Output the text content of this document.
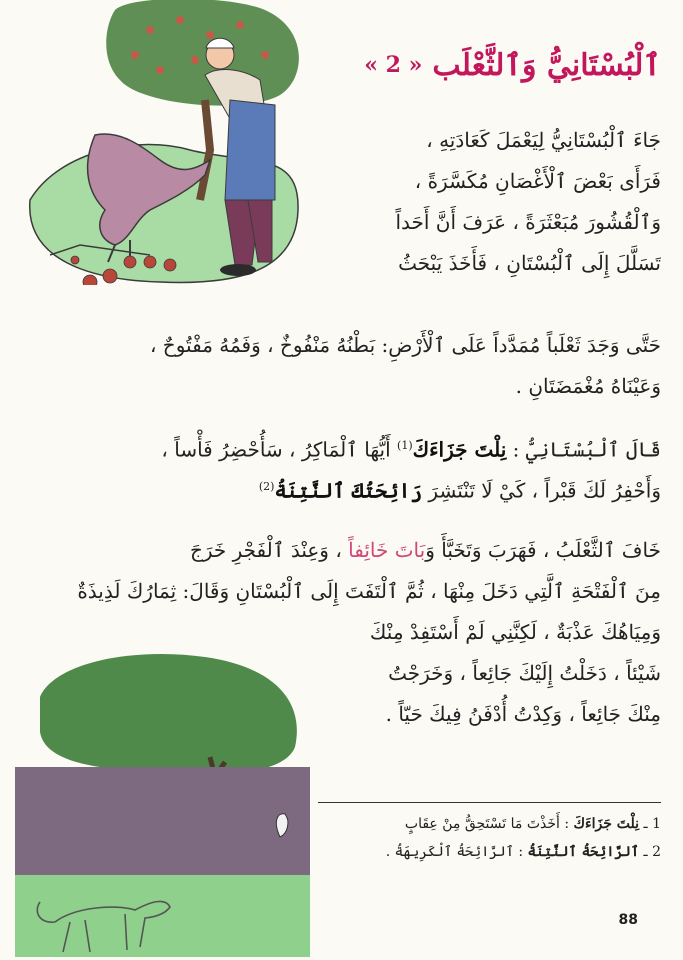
ٱلْبُسْتَانِيُّ وَٱلثَّعْلَب
« 2 »
جَاءَ ٱلْبُسْتَانِيُّ لِيَعْمَلَ كَعَادَتِهِ ،
فَرَأَى بَعْضَ ٱلْأَغْصَانِ مُكَسَّرَةً ،
وَٱلْقُشُورَ مُبَعْثَرَةً ، عَرَفَ أَنَّ أَحَداً
تَسَلَّلَ إِلَى ٱلْبُسْتَانِ ، فَأَخَذَ يَبْحَثُ
حَتَّى وَجَدَ ثَعْلَباً مُمَدَّداً عَلَى ٱلْأَرْضِ: بَطْنُهُ مَنْفُوخٌ ، وَفَمُهُ مَفْتُوحٌ ،
وَعَيْنَاهُ مُغْمَضَتَانِ .
قَالَ ٱلْبُسْتَانِيُّ : نِلْتَ جَزَاءَكَ$^{(1)}$ أَيُّهَا ٱلْمَاكِرُ ، سَأُحْضِرُ فَأْساً ،
وَأَحْفِرُ لَكَ قَبْراً ، كَيْ لَا تَنْتَشِرَ رَائِحَتُكَ ٱلنَّتِنَةُ$^{(2)}$
خَافَ ٱلثَّعْلَبُ ، فَهَرَبَ وَتَخَبَّأَ وَبَاتَ خَائِفاً ، وَعِنْدَ ٱلْفَجْرِ خَرَجَ
مِنَ ٱلْفَتْحَةِ ٱلَّتِي دَخَلَ مِنْهَا ، ثُمَّ ٱلْتَفَتَ إِلَى ٱلْبُسْتَانِ وَقَالَ: ثِمَارُكَ لَذِيذَةٌ
وَمِيَاهُكَ عَذْبَةٌ ، لَكِنَّنِي لَمْ أَسْتَفِدْ مِنْكَ
شَيْئاً ، دَخَلْتُ إِلَيْكَ جَائِعاً ، وَخَرَجْتُ
مِنْكَ جَائِعاً ، وَكِدْتُ أُدْفَنُ فِيكَ حَيّاً .
1 ـ نِلْتَ جَزَاءَكَ : أَخَذْتَ مَا تَسْتَحِقُّ مِنْ عِقَابٍ
2 ـ ٱلرَّائِحَةُ ٱلنَّتِنَةُ : ٱلرَّائِحَةُ ٱلْكَرِيهَةُ .
88
